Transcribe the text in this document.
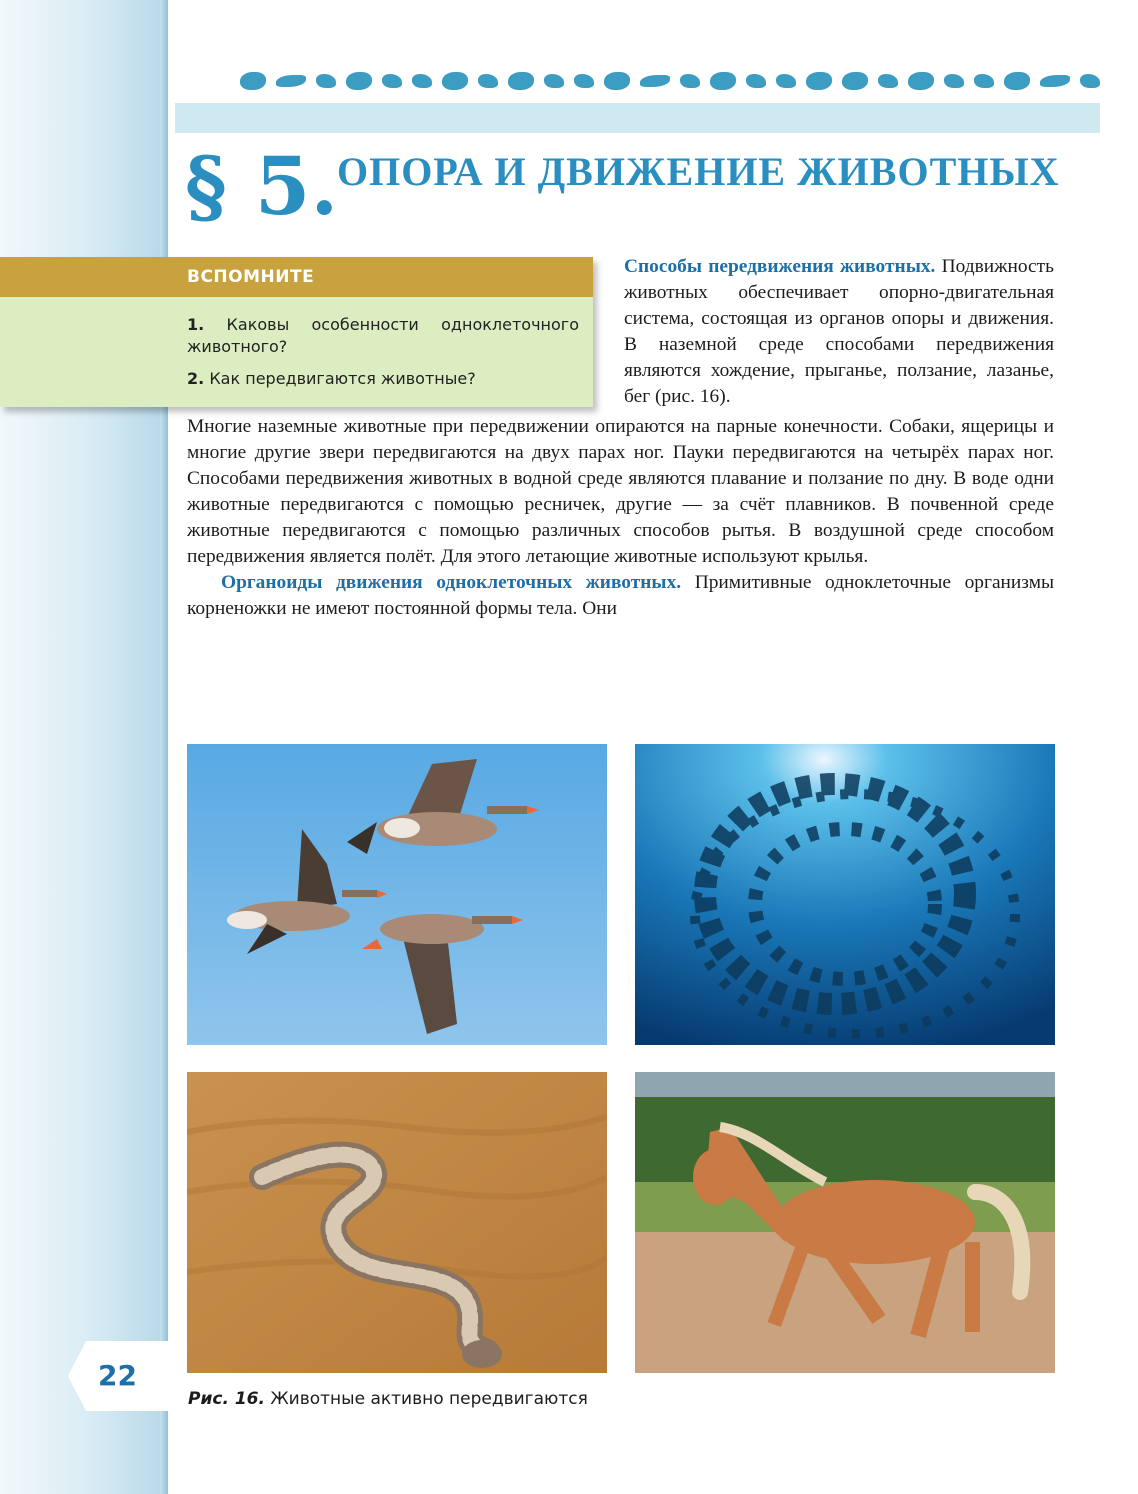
§ 5.
ОПОРА И ДВИЖЕНИЕ ЖИВОТНЫХ
ВСПОМНИТЕ
1. Каковы особенности одноклеточного животного?
2. Как передвигаются животные?
Способы передвижения животных. Подвижность животных обеспечивает опорно-двигательная система, состоящая из органов опоры и движения. В наземной среде способами передвижения являются хождение, прыганье, ползание, лазанье, бег (рис. 16).

Многие наземные животные при передвижении опираются на парные конечности. Собаки, ящерицы и многие другие звери передвигаются на двух парах ног. Пауки передвигаются на четырёх парах ног. Способами передвижения животных в водной среде являются плавание и ползание по дну. В воде одни животные передвигаются с помощью ресничек, другие — за счёт плавников. В почвенной среде животные передвигаются с помощью различных способов рытья. В воздушной среде способом передвижения является полёт. Для этого летающие животные используют крылья.

Органоиды движения одноклеточных животных. Примитивные одноклеточные организмы корненожки не имеют постоянной формы тела. Они

22
Рис. 16. Животные активно передвигаются
